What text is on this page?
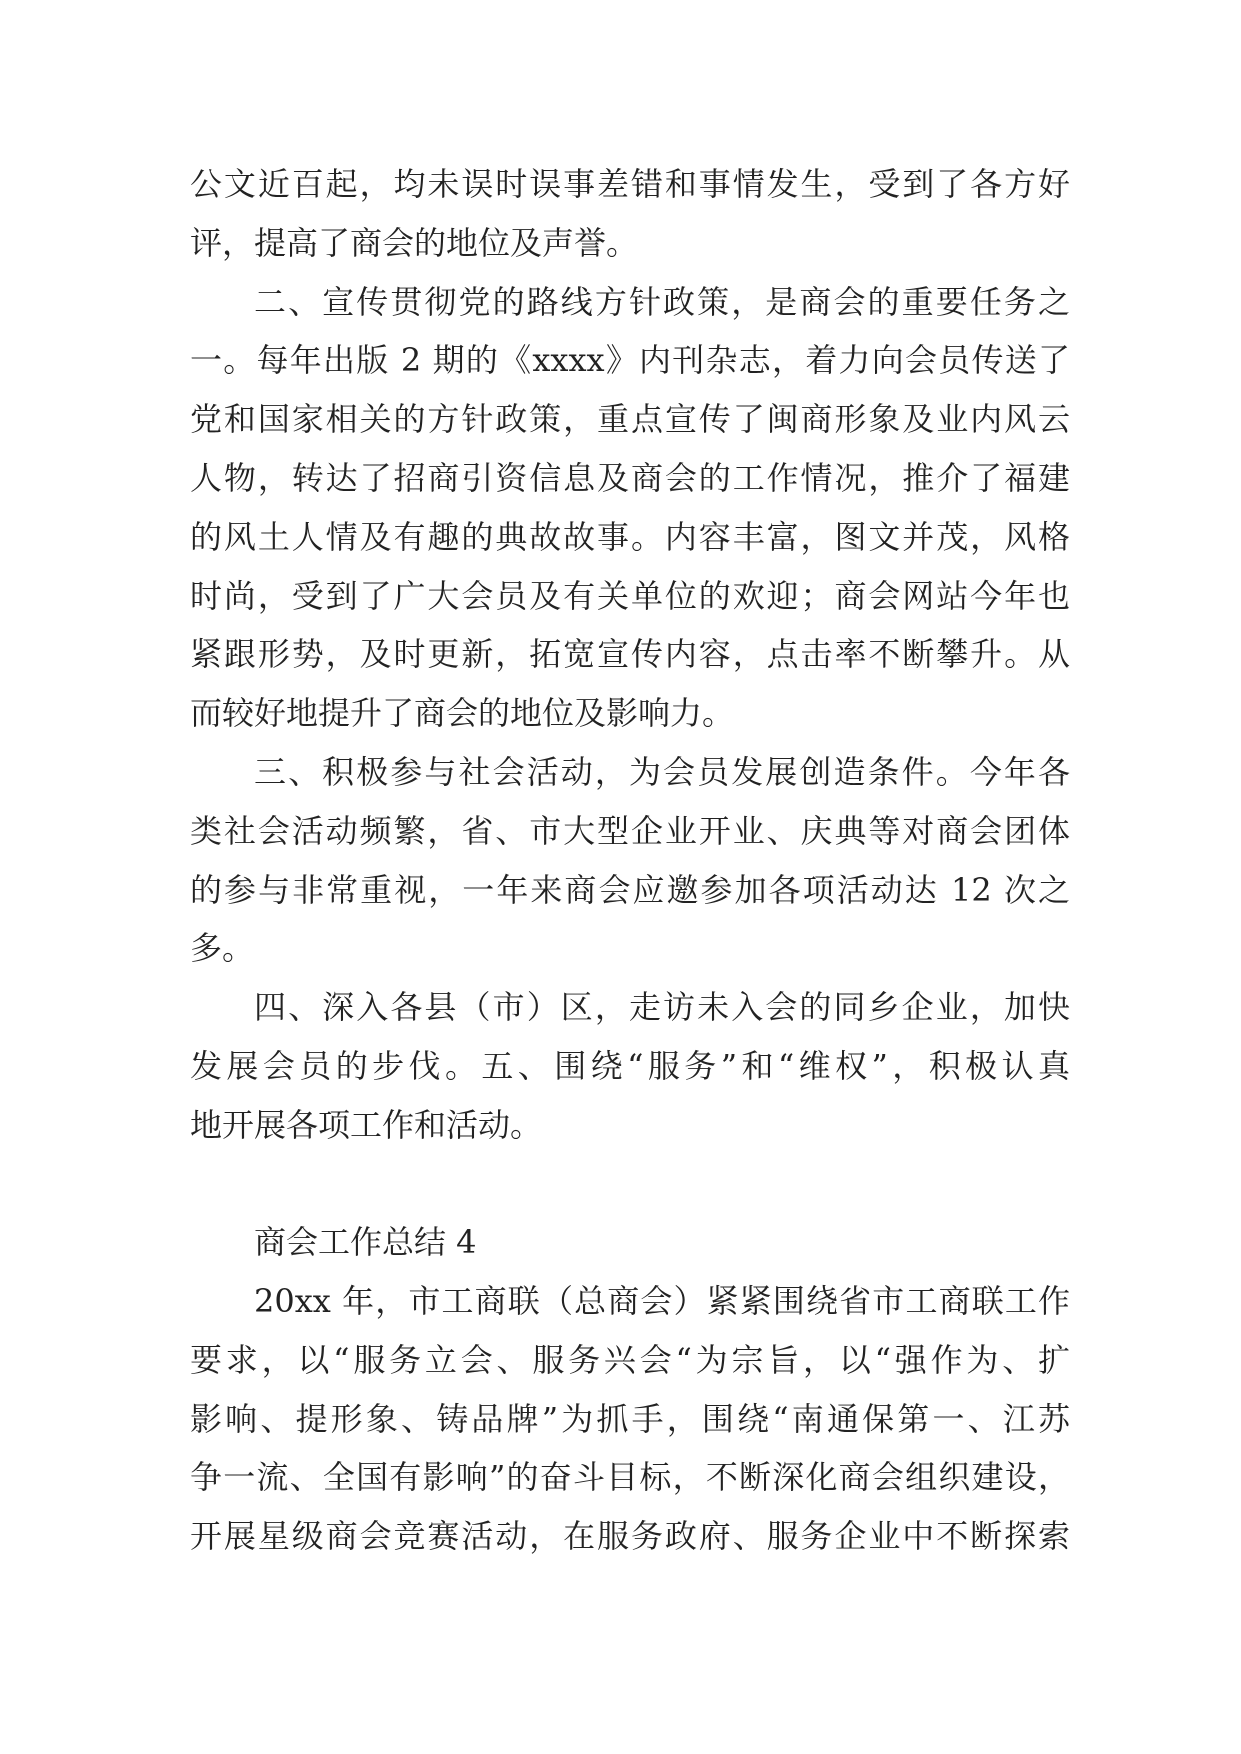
公文近百起，均未误时误事差错和事情发生，受到了各方好
评，提高了商会的地位及声誉。
二、宣传贯彻党的路线方针政策，是商会的重要任务之
一。每年出版 2 期的《xxxx》内刊杂志，着力向会员传送了
党和国家相关的方针政策，重点宣传了闽商形象及业内风云
人物，转达了招商引资信息及商会的工作情况，推介了福建
的风土人情及有趣的典故故事。内容丰富，图文并茂，风格
时尚，受到了广大会员及有关单位的欢迎；商会网站今年也
紧跟形势，及时更新，拓宽宣传内容，点击率不断攀升。从
而较好地提升了商会的地位及影响力。
三、积极参与社会活动，为会员发展创造条件。今年各
类社会活动频繁，省、市大型企业开业、庆典等对商会团体
的参与非常重视，一年来商会应邀参加各项活动达 12 次之
多。
四、深入各县（市）区，走访未入会的同乡企业，加快
发展会员的步伐。五、围绕“服务”和“维权”，积极认真
地开展各项工作和活动。
商会工作总结 4
20xx 年，市工商联（总商会）紧紧围绕省市工商联工作
要求，以“服务立会、服务兴会“为宗旨，以“强作为、扩
影响、提形象、铸品牌”为抓手，围绕“南通保第一、江苏
争一流、全国有影响”的奋斗目标，不断深化商会组织建设，
开展星级商会竞赛活动，在服务政府、服务企业中不断探索
